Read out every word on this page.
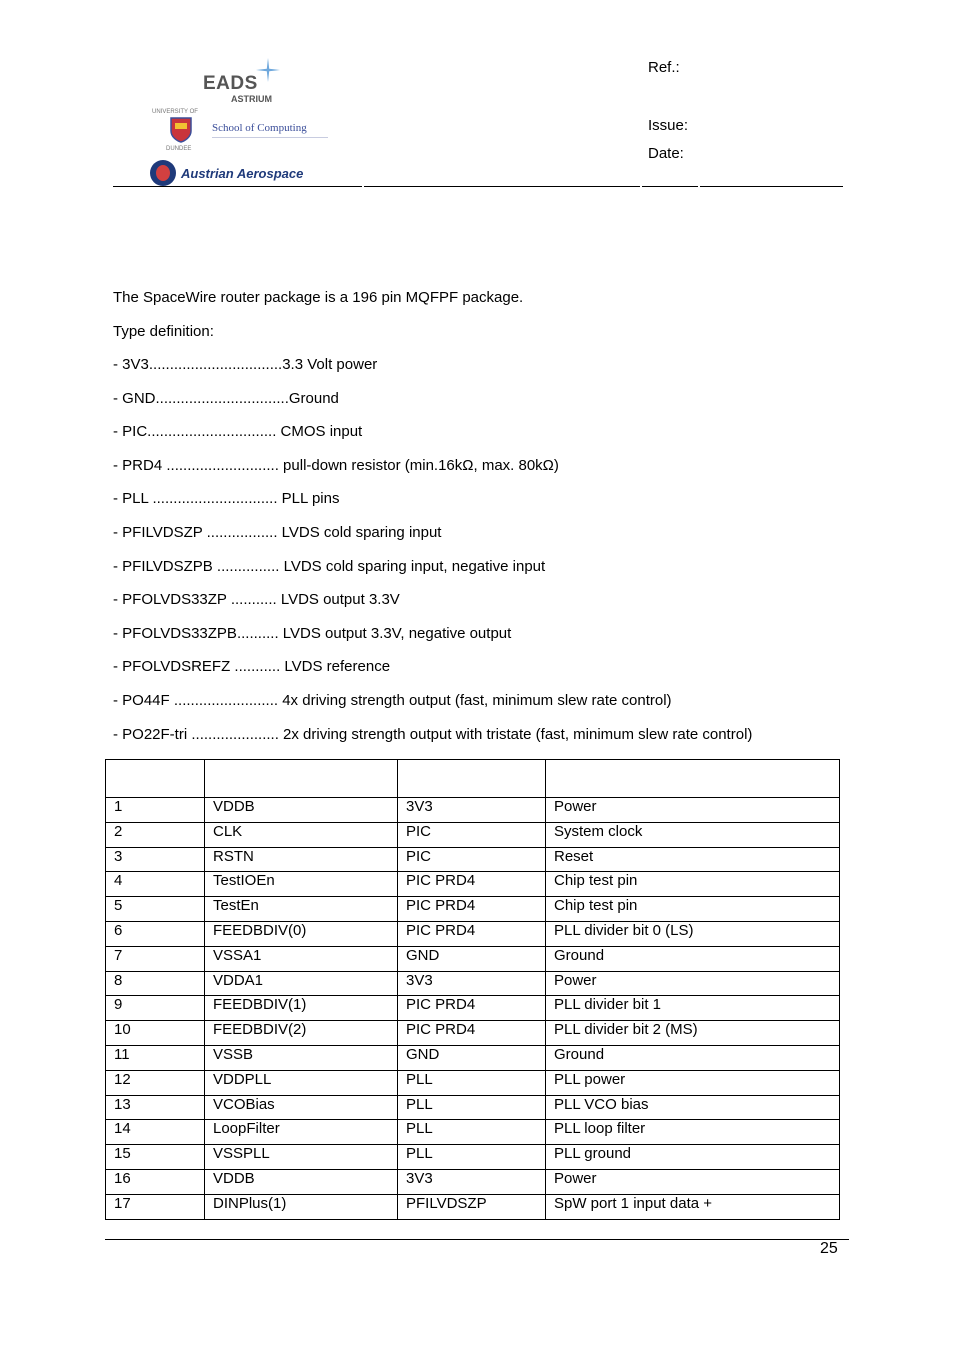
EADS
ASTRIUM
UNIVERSITY OF
DUNDEE
School of Computing
Austrian Aerospace
Ref.:
Issue:
Date:
The SpaceWire router package is a 196 pin MQFPF package.
Type definition:
- 3V3................................3.3 Volt power
- GND................................Ground
- PIC............................... CMOS input
- PRD4 ........................... pull-down resistor (min.16kΩ, max. 80kΩ)
- PLL .............................. PLL pins
- PFILVDSZP ................. LVDS cold sparing input
- PFILVDSZPB ............... LVDS cold sparing input, negative input
- PFOLVDS33ZP ........... LVDS output 3.3V
- PFOLVDS33ZPB.......... LVDS output 3.3V, negative output
- PFOLVDSREFZ ........... LVDS reference
- PO44F ......................... 4x driving strength output (fast, minimum slew rate control)
- PO22F-tri ..................... 2x driving strength output with tristate (fast, minimum slew rate control)

1	VDDB	3V3	Power
2	CLK	PIC	System clock
3	RSTN	PIC	Reset
4	TestIOEn	PIC PRD4	Chip test pin
5	TestEn	PIC PRD4	Chip test pin
6	FEEDBDIV(0)	PIC PRD4	PLL divider bit 0 (LS)
7	VSSA1	GND	Ground
8	VDDA1	3V3	Power
9	FEEDBDIV(1)	PIC PRD4	PLL divider bit 1
10	FEEDBDIV(2)	PIC PRD4	PLL divider bit 2 (MS)
11	VSSB	GND	Ground
12	VDDPLL	PLL	PLL power
13	VCOBias	PLL	PLL VCO bias
14	LoopFilter	PLL	PLL loop filter
15	VSSPLL	PLL	PLL ground
16	VDDB	3V3	Power
17	DINPlus(1)	PFILVDSZP	SpW port 1 input data +
25
